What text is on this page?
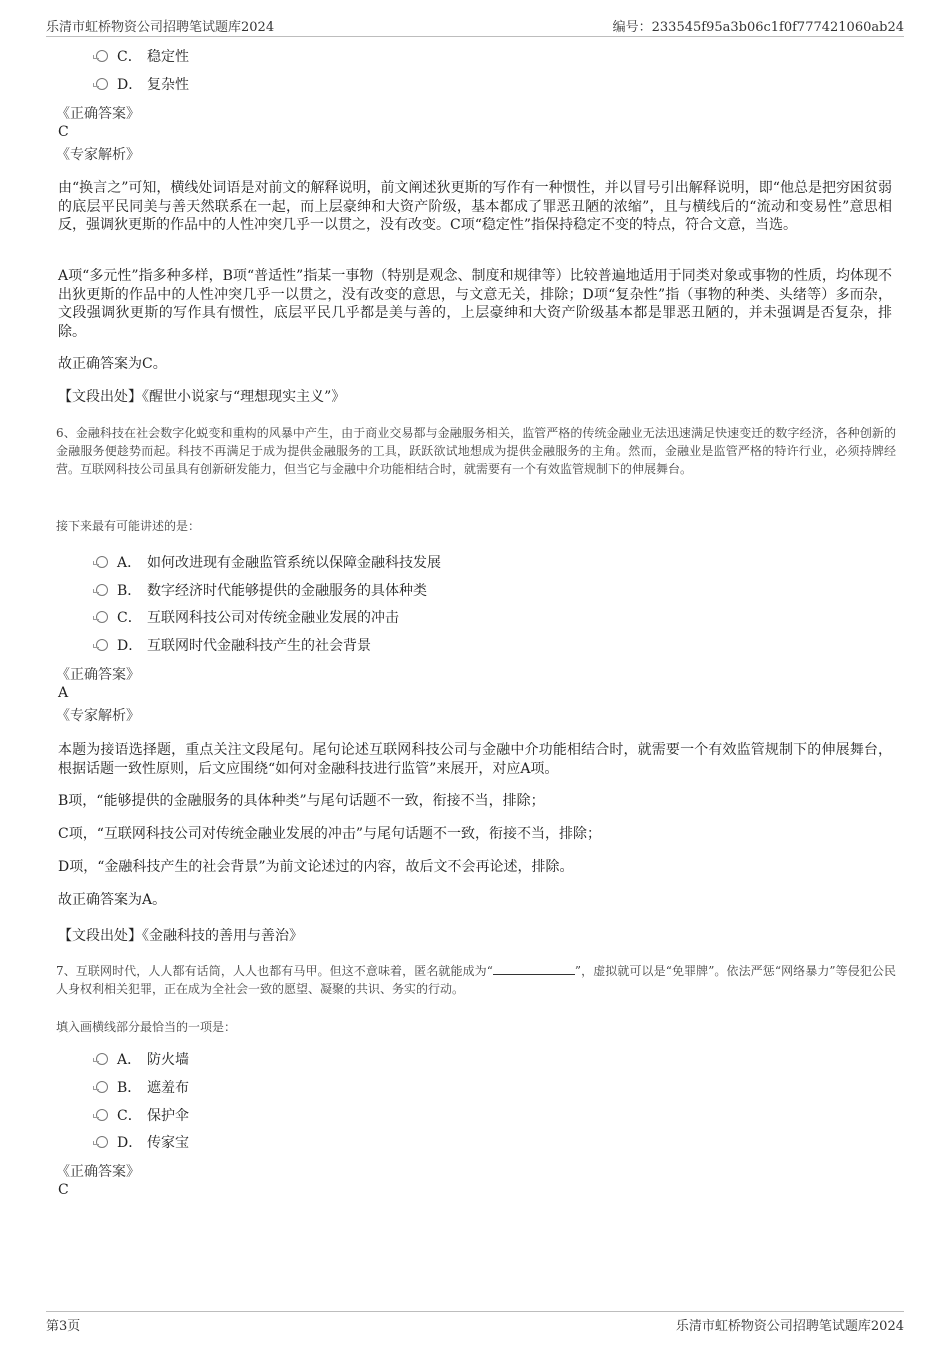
乐清市虹桥物资公司招聘笔试题库2024	编号：233545f95a3b06c1f0f777421060ab24
C． 稳定性
D． 复杂性
《正确答案》
C
《专家解析》
由“换言之”可知，横线处词语是对前文的解释说明，前文阐述狄更斯的写作有一种惯性，并以冒号引出解释说明，即“他总是把穷困贫弱的底层平民同美与善天然联系在一起，而上层豪绅和大资产阶级，基本都成了罪恶丑陋的浓缩”，且与横线后的“流动和变易性”意思相反，强调狄更斯的作品中的人性冲突几乎一以贯之，没有改变。C项“稳定性”指保持稳定不变的特点，符合文意，当选。
A项“多元性”指多种多样，B项“普适性”指某一事物（特别是观念、制度和规律等）比较普遍地适用于同类对象或事物的性质，均体现不出狄更斯的作品中的人性冲突几乎一以贯之，没有改变的意思，与文意无关，排除；D项“复杂性”指（事物的种类、头绪等）多而杂，文段强调狄更斯的写作具有惯性，底层平民几乎都是美与善的，上层豪绅和大资产阶级基本都是罪恶丑陋的，并未强调是否复杂，排除。
故正确答案为C。
【文段出处】《醒世小说家与“理想现实主义”》
6、金融科技在社会数字化蜕变和重构的风暴中产生，由于商业交易都与金融服务相关，监管严格的传统金融业无法迅速满足快速变迁的数字经济，各种创新的金融服务便趁势而起。科技不再满足于成为提供金融服务的工具，跃跃欲试地想成为提供金融服务的主角。然而，金融业是监管严格的特许行业，必须持牌经营。互联网科技公司虽具有创新研发能力，但当它与金融中介功能相结合时，就需要有一个有效监管规制下的伸展舞台。
接下来最有可能讲述的是：
A． 如何改进现有金融监管系统以保障金融科技发展
B． 数字经济时代能够提供的金融服务的具体种类
C． 互联网科技公司对传统金融业发展的冲击
D． 互联网时代金融科技产生的社会背景
《正确答案》
A
《专家解析》
本题为接语选择题，重点关注文段尾句。尾句论述互联网科技公司与金融中介功能相结合时，就需要一个有效监管规制下的伸展舞台，根据话题一致性原则，后文应围绕“如何对金融科技进行监管”来展开，对应A项。
B项，“能够提供的金融服务的具体种类”与尾句话题不一致，衔接不当，排除；
C项，“互联网科技公司对传统金融业发展的冲击”与尾句话题不一致，衔接不当，排除；
D项，“金融科技产生的社会背景”为前文论述过的内容，故后文不会再论述，排除。
故正确答案为A。
【文段出处】《金融科技的善用与善治》
7、互联网时代，人人都有话筒，人人也都有马甲。但这不意味着，匿名就能成为“	”，虚拟就可以是“免罪牌”。依法严惩“网络暴力”等侵犯公民人身权利相关犯罪，正在成为全社会一致的愿望、凝聚的共识、务实的行动。
填入画横线部分最恰当的一项是：
A． 防火墙
B． 遮羞布
C． 保护伞
D． 传家宝
《正确答案》
C
第3页	乐清市虹桥物资公司招聘笔试题库2024
